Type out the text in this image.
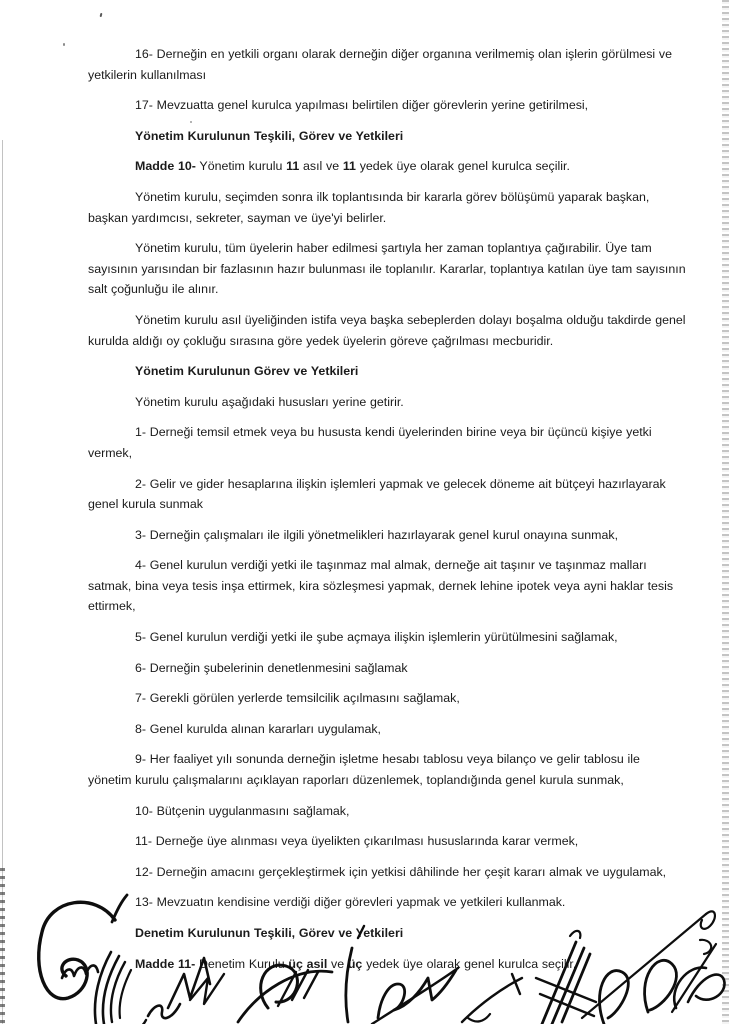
16- Derneğin en yetkili organı olarak derneğin diğer organına verilmemiş olan işlerin görülmesi ve yetkilerin kullanılması

17- Mevzuatta genel kurulca yapılması belirtilen diğer görevlerin yerine getirilmesi,

Yönetim Kurulunun Teşkili, Görev ve Yetkileri

Madde 10- Yönetim kurulu 11 asıl ve 11 yedek üye olarak genel kurulca seçilir.

Yönetim kurulu, seçimden sonra ilk toplantısında bir kararla görev bölüşümü yaparak başkan, başkan yardımcısı, sekreter, sayman ve üye'yi belirler.

Yönetim kurulu, tüm üyelerin haber edilmesi şartıyla her zaman toplantıya çağırabilir. Üye tam sayısının yarısından bir fazlasının hazır bulunması ile toplanılır. Kararlar, toplantıya katılan üye tam sayısının salt çoğunluğu ile alınır.

Yönetim kurulu asıl üyeliğinden istifa veya başka sebeplerden dolayı boşalma olduğu takdirde genel kurulda aldığı oy çokluğu sırasına göre yedek üyelerin göreve çağrılması mecburidir.

Yönetim Kurulunun Görev ve Yetkileri

Yönetim kurulu aşağıdaki hususları yerine getirir.

1- Derneği temsil etmek veya bu hususta kendi üyelerinden birine veya bir üçüncü kişiye yetki vermek,

2- Gelir ve gider hesaplarına ilişkin işlemleri yapmak ve gelecek döneme ait bütçeyi hazırlayarak genel kurula sunmak

3- Derneğin çalışmaları ile ilgili yönetmelikleri hazırlayarak genel kurul onayına sunmak,

4- Genel kurulun verdiği yetki ile taşınmaz mal almak, derneğe ait taşınır ve taşınmaz malları satmak, bina veya tesis inşa ettirmek, kira sözleşmesi yapmak, dernek lehine ipotek veya ayni haklar tesis ettirmek,

5- Genel kurulun verdiği yetki ile şube açmaya ilişkin işlemlerin yürütülmesini sağlamak,

6- Derneğin şubelerinin denetlenmesini sağlamak

7- Gerekli görülen yerlerde temsilcilik açılmasını sağlamak,

8- Genel kurulda alınan kararları uygulamak,

9- Her faaliyet yılı sonunda derneğin işletme hesabı tablosu veya bilanço ve gelir tablosu ile yönetim kurulu çalışmalarını açıklayan raporları düzenlemek, toplandığında genel kurula sunmak,

10- Bütçenin uygulanmasını sağlamak,

11- Derneğe üye alınması veya üyelikten çıkarılması hususlarında karar vermek,

12- Derneğin amacını gerçekleştirmek için yetkisi dâhilinde her çeşit kararı almak ve uygulamak,

13- Mevzuatın kendisine verdiği diğer görevleri yapmak ve yetkileri kullanmak.

Denetim Kurulunun Teşkili, Görev ve Yetkileri

Madde 11- Denetim Kurulu üç asil ve üç yedek üye olarak genel kurulca seçilir.
